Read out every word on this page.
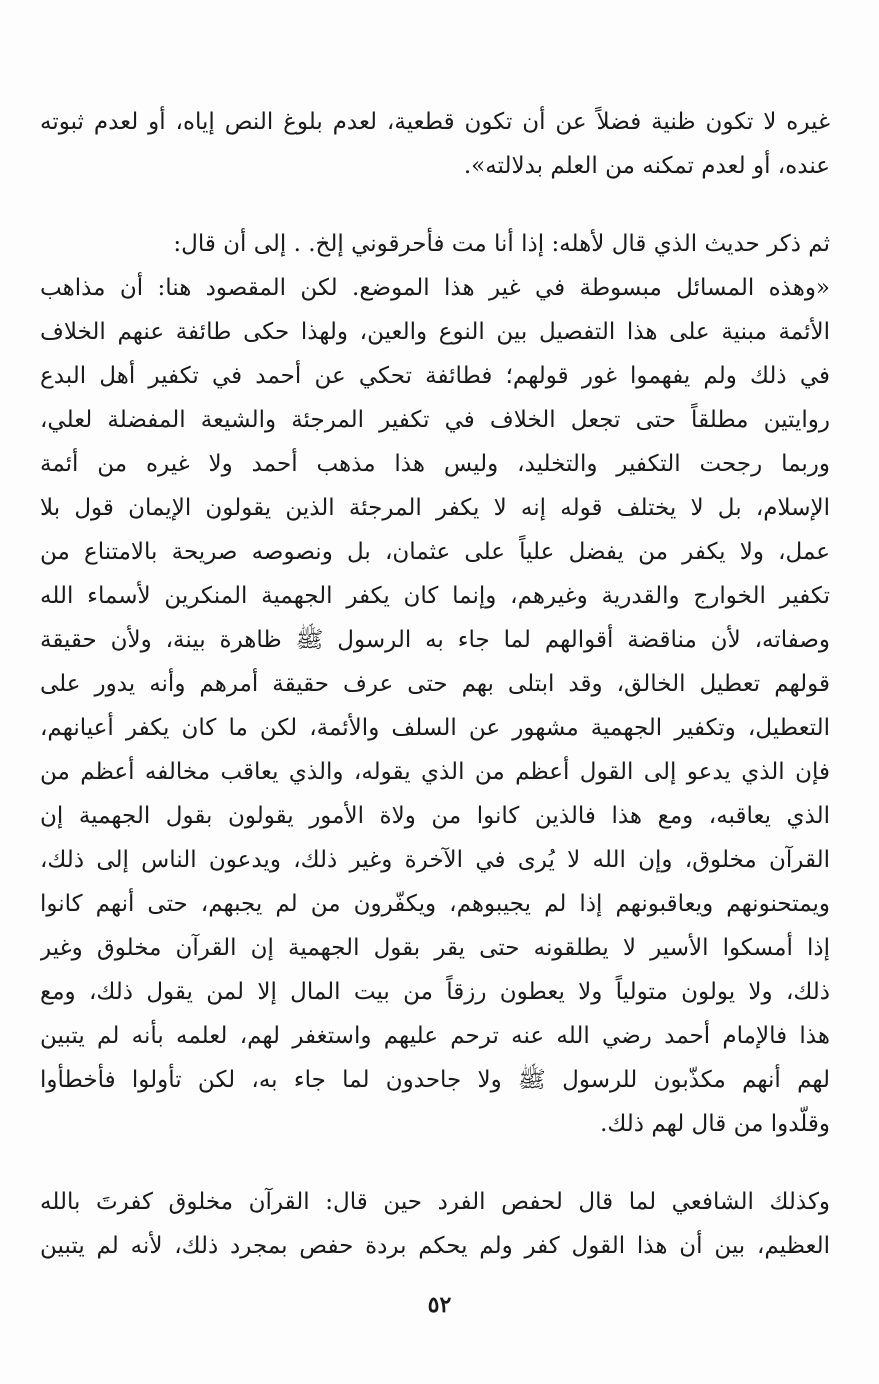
غيره لا تكون ظنية فضلاً عن أن تكون قطعية، لعدم بلوغ النص إياه، أو لعدم ثبوته
عنده، أو لعدم تمكنه من العلم بدلالته».
ثم ذكر حديث الذي قال لأهله: إذا أنا مت فأحرقوني إلخ. . إلى أن قال:
«وهذه المسائل مبسوطة في غير هذا الموضع. لكن المقصود هنا: أن مذاهب
الأئمة مبنية على هذا التفصيل بين النوع والعين، ولهذا حكى طائفة عنهم الخلاف
في ذلك ولم يفهموا غور قولهم؛ فطائفة تحكي عن أحمد في تكفير أهل البدع
روايتين مطلقاً حتى تجعل الخلاف في تكفير المرجئة والشيعة المفضلة لعلي،
وربما رجحت التكفير والتخليد، وليس هذا مذهب أحمد ولا غيره من أئمة
الإسلام، بل لا يختلف قوله إنه لا يكفر المرجئة الذين يقولون الإيمان قول بلا
عمل، ولا يكفر من يفضل علياً على عثمان، بل ونصوصه صريحة بالامتناع من
تكفير الخوارج والقدرية وغيرهم، وإنما كان يكفر الجهمية المنكرين لأسماء الله
وصفاته، لأن مناقضة أقوالهم لما جاء به الرسول ﷺ ظاهرة بينة، ولأن حقيقة
قولهم تعطيل الخالق، وقد ابتلى بهم حتى عرف حقيقة أمرهم وأنه يدور على
التعطيل، وتكفير الجهمية مشهور عن السلف والأئمة، لكن ما كان يكفر أعيانهم،
فإن الذي يدعو إلى القول أعظم من الذي يقوله، والذي يعاقب مخالفه أعظم من
الذي يعاقبه، ومع هذا فالذين كانوا من ولاة الأمور يقولون بقول الجهمية إن
القرآن مخلوق، وإن الله لا يُرى في الآخرة وغير ذلك، ويدعون الناس إلى ذلك،
ويمتحنونهم ويعاقبونهم إذا لم يجيبوهم، ويكفّرون من لم يجبهم، حتى أنهم كانوا
إذا أمسكوا الأسير لا يطلقونه حتى يقر بقول الجهمية إن القرآن مخلوق وغير
ذلك، ولا يولون متولياً ولا يعطون رزقاً من بيت المال إلا لمن يقول ذلك، ومع
هذا فالإمام أحمد رضي الله عنه ترحم عليهم واستغفر لهم، لعلمه بأنه لم يتبين
لهم أنهم مكذّبون للرسول ﷺ ولا جاحدون لما جاء به، لكن تأولوا فأخطأوا
وقلّدوا من قال لهم ذلك.
وكذلك الشافعي لما قال لحفص الفرد حين قال: القرآن مخلوق كفرتَ بالله
العظيم، بين أن هذا القول كفر ولم يحكم بردة حفص بمجرد ذلك، لأنه لم يتبين
٥٢
